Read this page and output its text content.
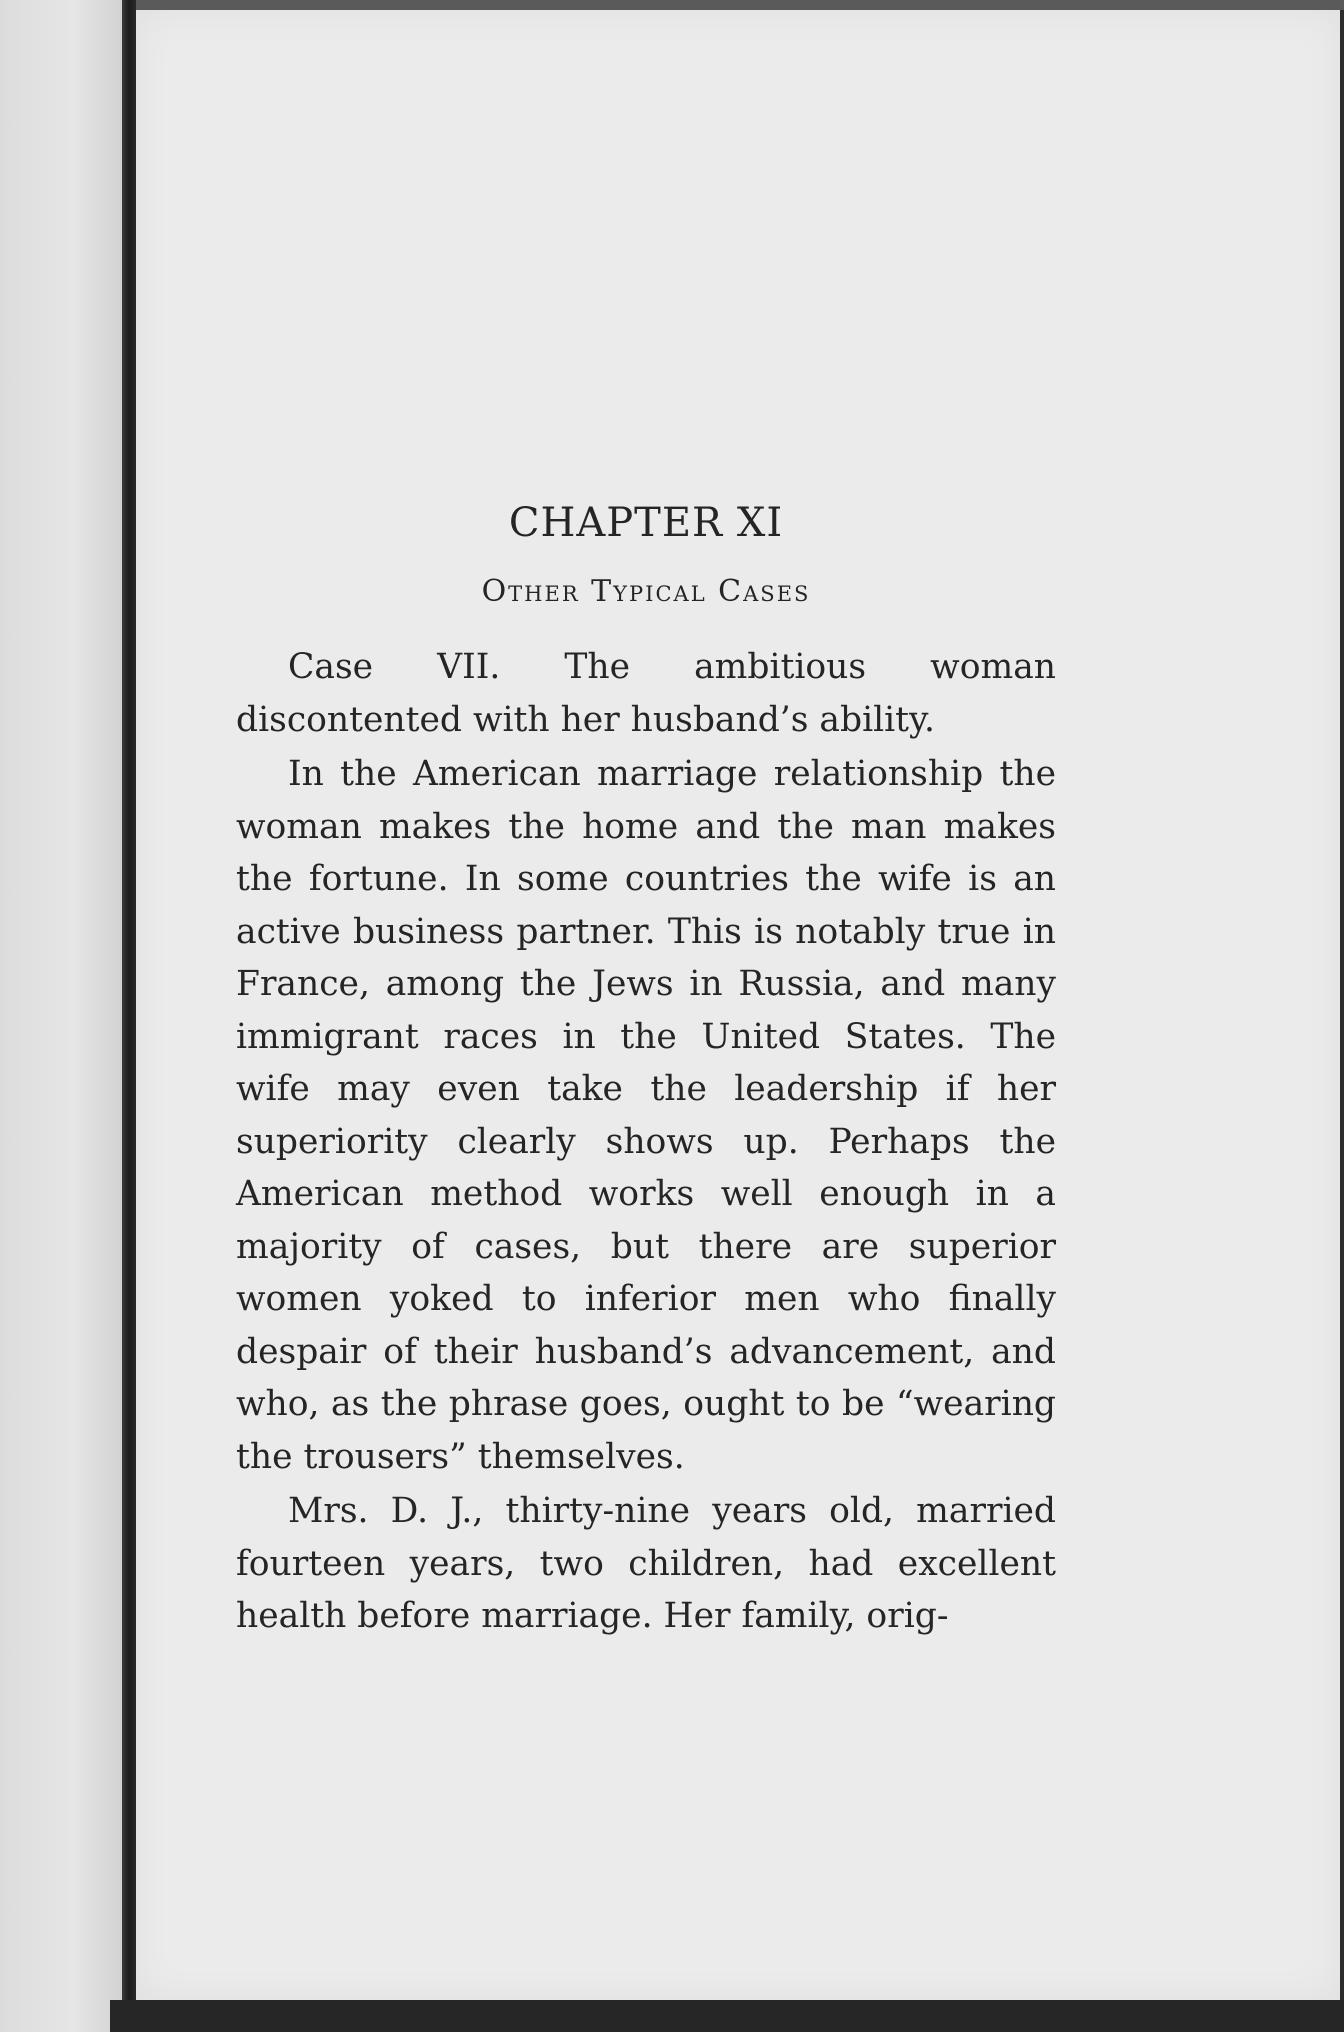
CHAPTER XI
Other Typical Cases

Case VII. The ambitious woman discontented with her husband’s ability.

In the American marriage relationship the woman makes the home and the man makes the fortune. In some countries the wife is an active business partner. This is notably true in France, among the Jews in Russia, and many immigrant races in the United States. The wife may even take the leadership if her superiority clearly shows up. Perhaps the American method works well enough in a majority of cases, but there are superior women yoked to inferior men who finally despair of their husband’s advancement, and who, as the phrase goes, ought to be “wearing the trousers” themselves.

Mrs. D. J., thirty-nine years old, married fourteen years, two children, had excellent health before marriage. Her family, orig-
